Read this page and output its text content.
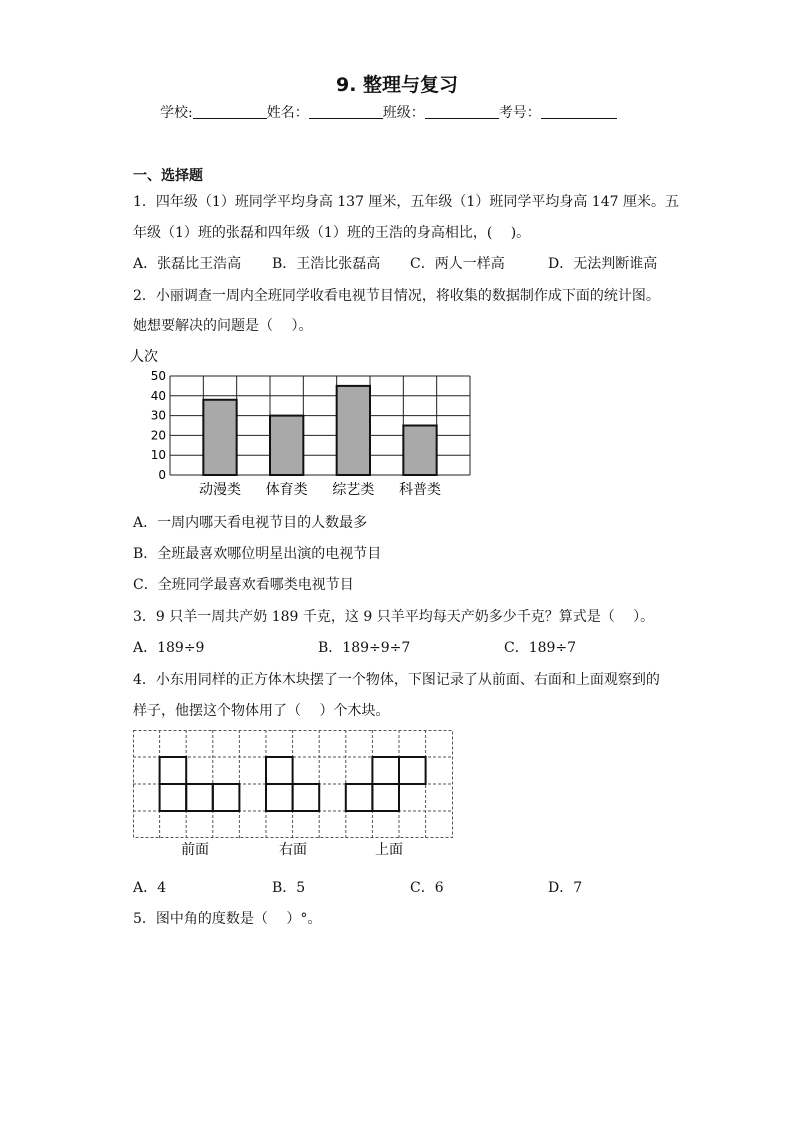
9. 整理与复习
学校:	姓名：	班级：	考号：
一、选择题
1．四年级（1）班同学平均身高 137 厘米，五年级（1）班同学平均身高 147 厘米。五
年级（1）班的张磊和四年级（1）班的王浩的身高相比，(　 )。
A．张磊比王浩高 B．王浩比张磊高 C．两人一样高	D．无法判断谁高
2．小丽调查一周内全班同学收看电视节目情况，将收集的数据制作成下面的统计图。
她想要解决的问题是（　 ）。
人次
0
10
20
30
40
50
动漫类 体育类 综艺类 科普类
A．一周内哪天看电视节目的人数最多
B．全班最喜欢哪位明星出演的电视节目
C．全班同学最喜欢看哪类电视节目
3．9 只羊一周共产奶 189 千克，这 9 只羊平均每天产奶多少千克？算式是（　 ）。
A．189÷9	B．189÷9÷7	C．189÷7
4．小东用同样的正方体木块摆了一个物体，下图记录了从前面、右面和上面观察到的
样子，他摆这个物体用了（　 ）个木块。
前面	右面	上面
A．4	B．5	C．6	D．7
5．图中角的度数是（　 ）°。
